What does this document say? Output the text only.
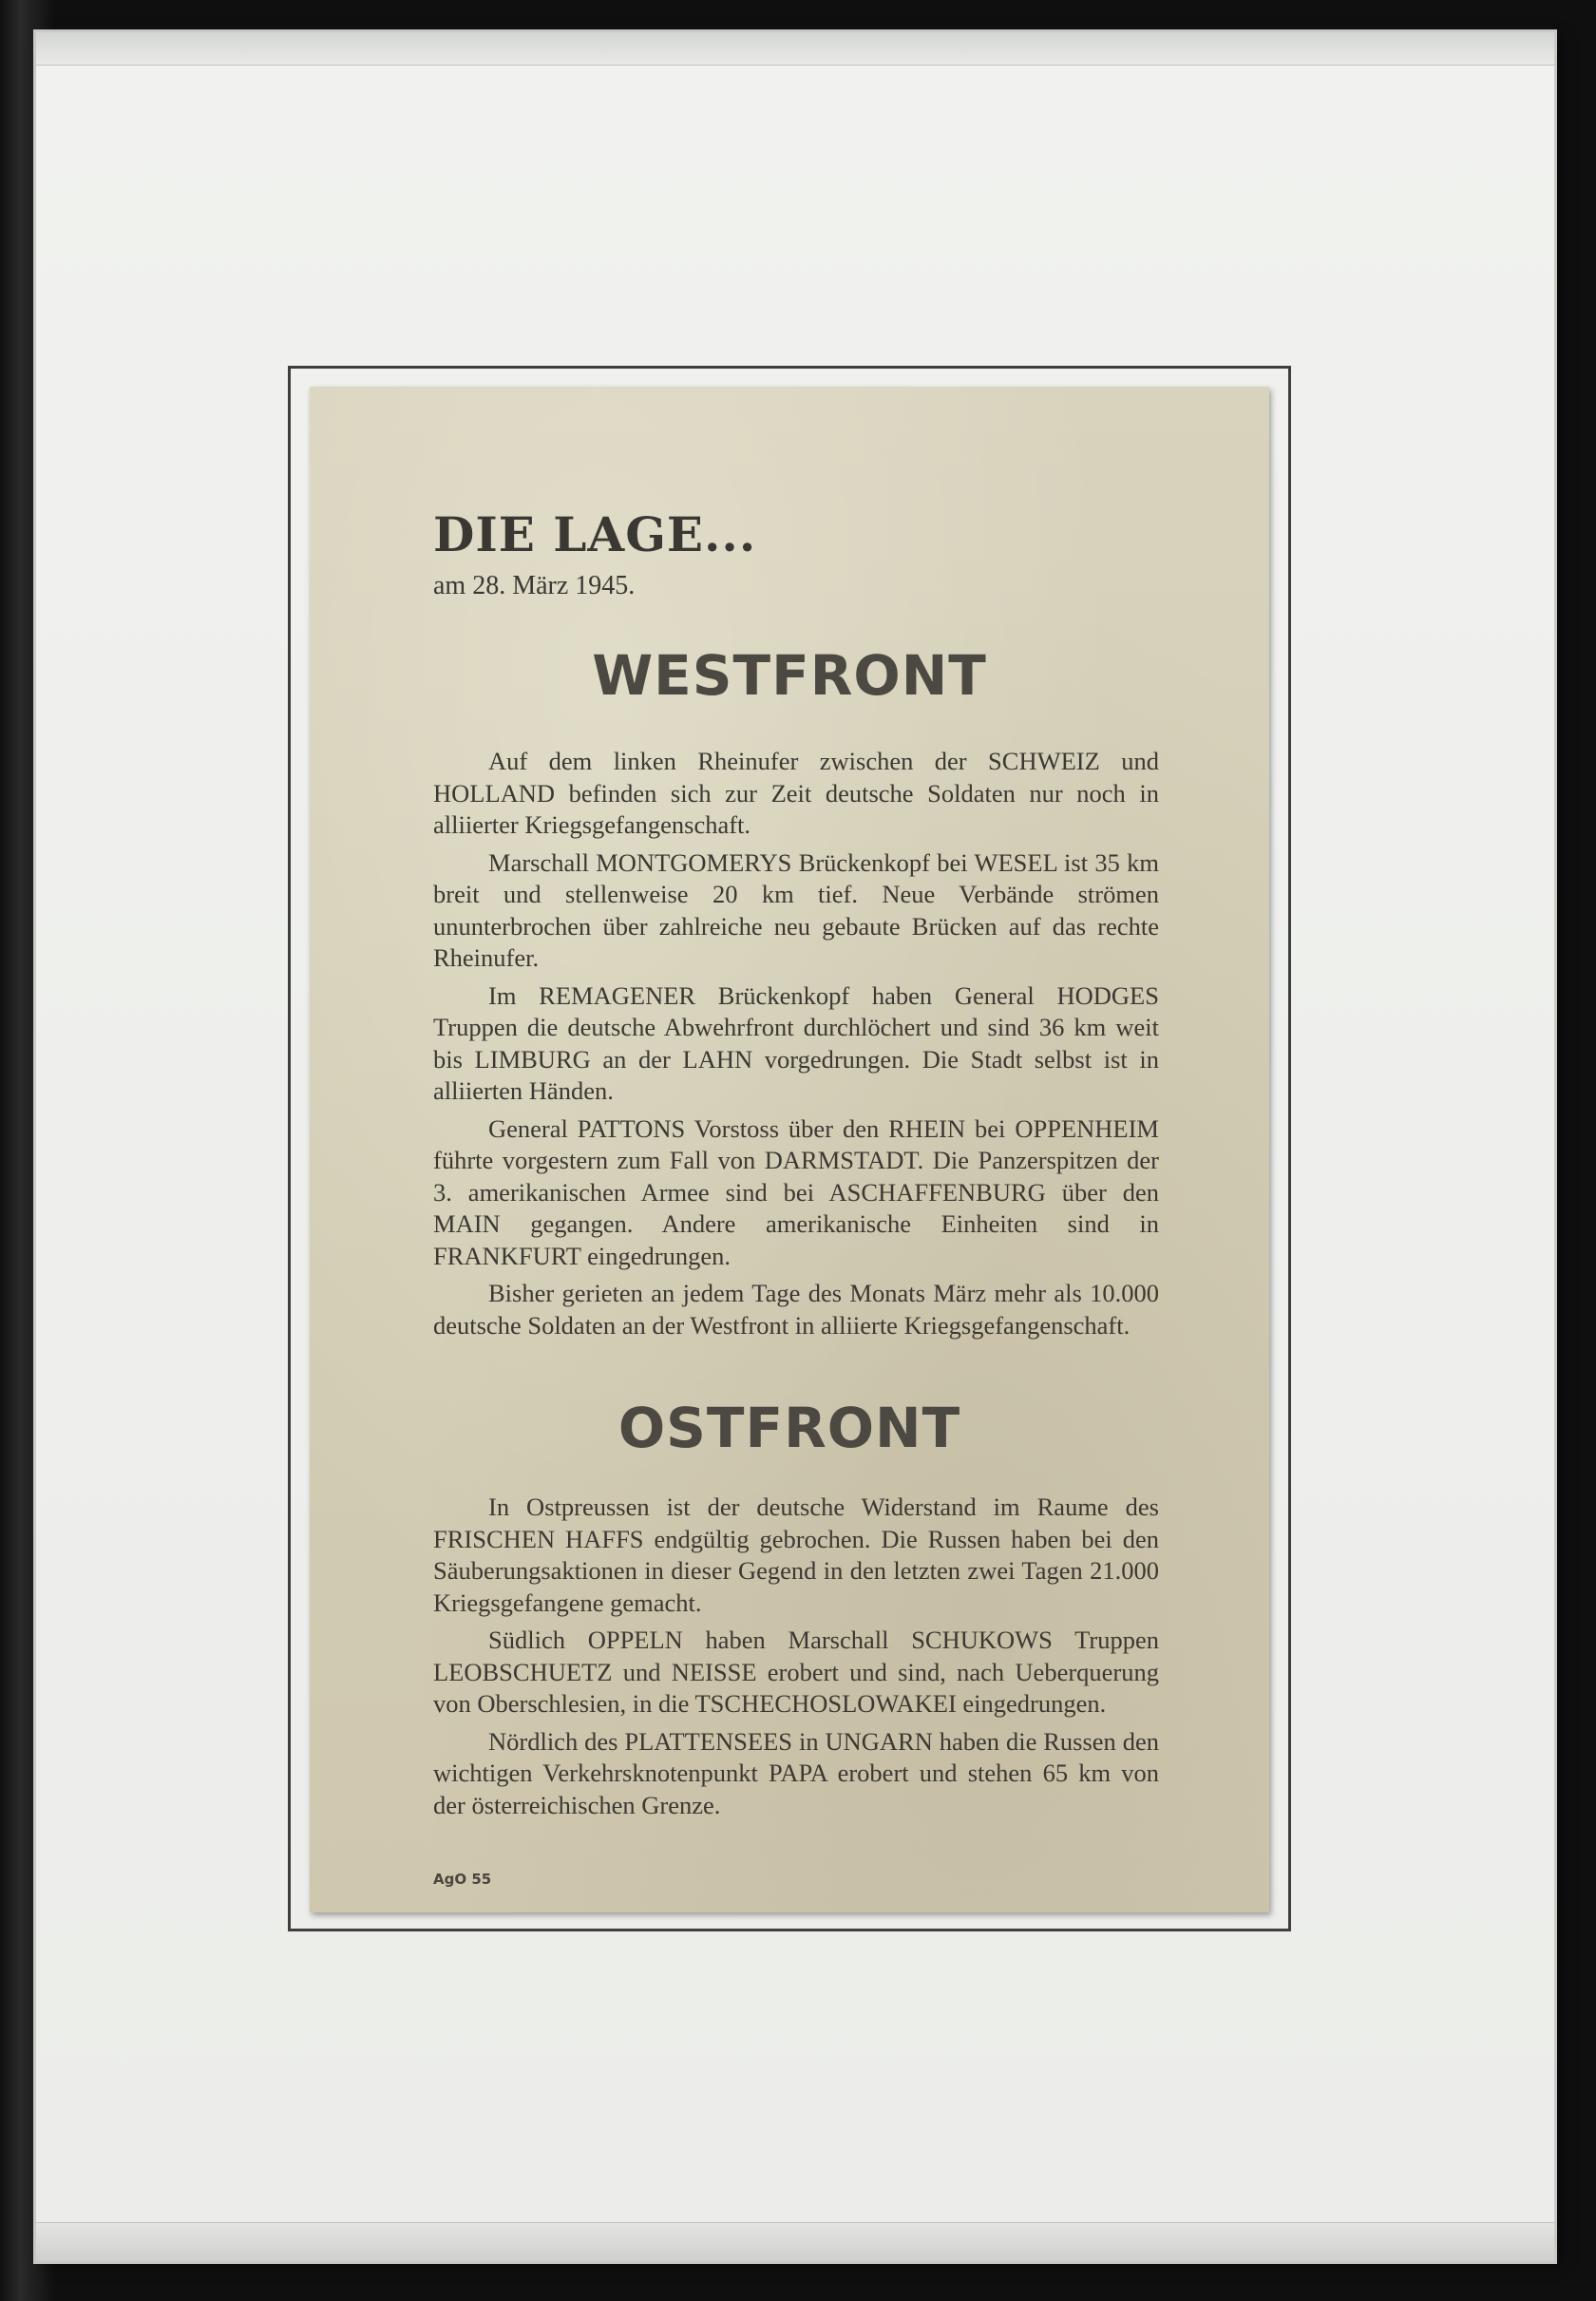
DIE LAGE...

am 28. März 1945.

WESTFRONT

Auf dem linken Rheinufer zwischen der SCHWEIZ und HOLLAND befinden sich zur Zeit deutsche Soldaten nur noch in alliierter Kriegsgefangenschaft.

Marschall MONTGOMERYS Brückenkopf bei WESEL ist 35 km breit und stellenweise 20 km tief. Neue Verbände strömen ununterbrochen über zahlreiche neu gebaute Brücken auf das rechte Rheinufer.

Im REMAGENER Brückenkopf haben General HODGES Truppen die deutsche Abwehrfront durchlöchert und sind 36 km weit bis LIMBURG an der LAHN vorgedrungen. Die Stadt selbst ist in alliierten Händen.

General PATTONS Vorstoss über den RHEIN bei OPPENHEIM führte vorgestern zum Fall von DARMSTADT. Die Panzerspitzen der 3. amerikanischen Armee sind bei ASCHAFFENBURG über den MAIN gegangen. Andere amerikanische Einheiten sind in FRANKFURT eingedrungen.

Bisher gerieten an jedem Tage des Monats März mehr als 10.000 deutsche Soldaten an der Westfront in alliierte Kriegsgefangenschaft.

OSTFRONT

In Ostpreussen ist der deutsche Widerstand im Raume des FRISCHEN HAFFS endgültig gebrochen. Die Russen haben bei den Säuberungsaktionen in dieser Gegend in den letzten zwei Tagen 21.000 Kriegsgefangene gemacht.

Südlich OPPELN haben Marschall SCHUKOWS Truppen LEOBSCHUETZ und NEISSE erobert und sind, nach Ueberquerung von Oberschlesien, in die TSCHECHOSLOWAKEI eingedrungen.

Nördlich des PLATTENSEES in UNGARN haben die Russen den wichtigen Verkehrsknotenpunkt PAPA erobert und stehen 65 km von der österreichischen Grenze.

AgO 55
